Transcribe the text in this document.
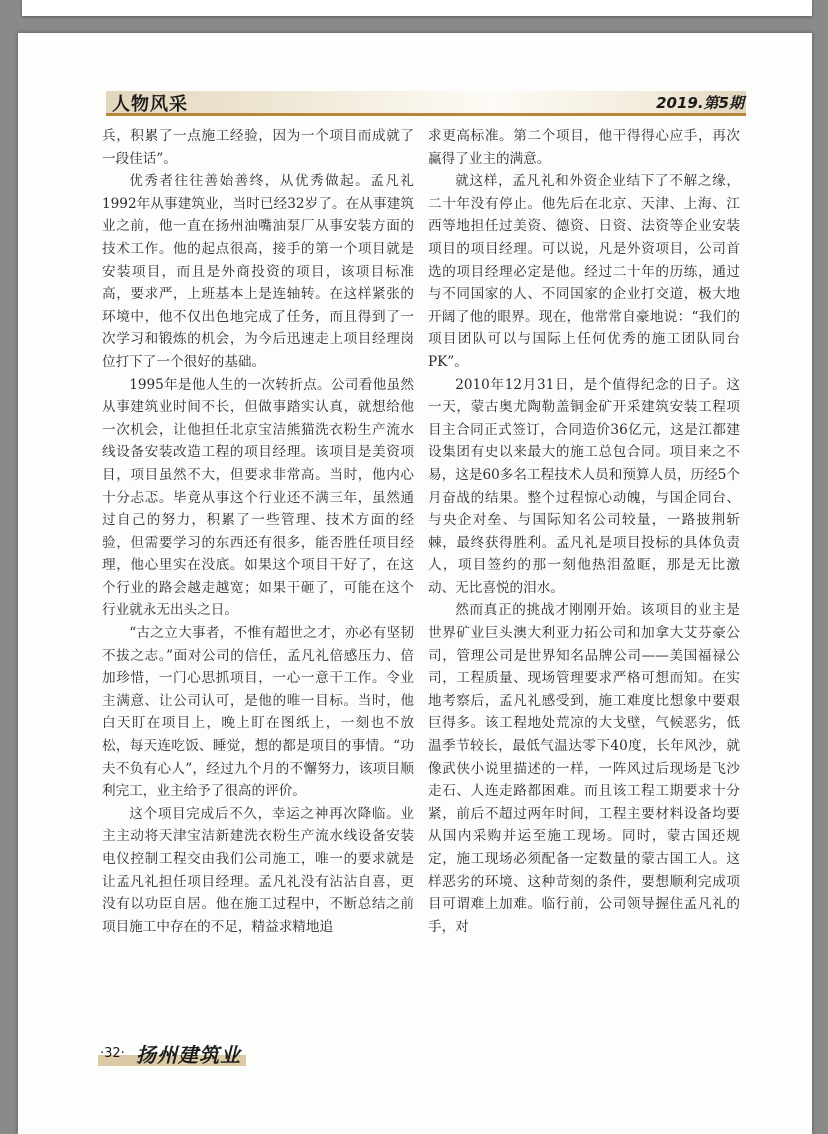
人物风采	2019.第5期

兵，积累了一点施工经验，因为一个项目而成就了一段佳话”。

优秀者往往善始善终，从优秀做起。孟凡礼1992年从事建筑业，当时已经32岁了。在从事建筑业之前，他一直在扬州油嘴油泵厂从事安装方面的技术工作。他的起点很高，接手的第一个项目就是安装项目，而且是外商投资的项目，该项目标准高，要求严，上班基本上是连轴转。在这样紧张的环境中，他不仅出色地完成了任务，而且得到了一次学习和锻炼的机会，为今后迅速走上项目经理岗位打下了一个很好的基础。

1995年是他人生的一次转折点。公司看他虽然从事建筑业时间不长，但做事踏实认真，就想给他一次机会，让他担任北京宝洁熊猫洗衣粉生产流水线设备安装改造工程的项目经理。该项目是美资项目，项目虽然不大，但要求非常高。当时，他内心十分忐忑。毕竟从事这个行业还不满三年，虽然通过自己的努力，积累了一些管理、技术方面的经验，但需要学习的东西还有很多，能否胜任项目经理，他心里实在没底。如果这个项目干好了，在这个行业的路会越走越宽；如果干砸了，可能在这个行业就永无出头之日。

“古之立大事者，不惟有超世之才，亦必有坚韧不拔之志。”面对公司的信任，孟凡礼倍感压力、倍加珍惜，一门心思抓项目，一心一意干工作。令业主满意、让公司认可，是他的唯一目标。当时，他白天盯在项目上，晚上盯在图纸上，一刻也不放松，每天连吃饭、睡觉，想的都是项目的事情。“功夫不负有心人”，经过九个月的不懈努力，该项目顺利完工，业主给予了很高的评价。

这个项目完成后不久，幸运之神再次降临。业主主动将天津宝洁新建洗衣粉生产流水线设备安装电仪控制工程交由我们公司施工，唯一的要求就是让孟凡礼担任项目经理。孟凡礼没有沾沾自喜，更没有以功臣自居。他在施工过程中，不断总结之前项目施工中存在的不足，精益求精地追

求更高标准。第二个项目，他干得得心应手，再次赢得了业主的满意。

就这样，孟凡礼和外资企业结下了不解之缘，二十年没有停止。他先后在北京、天津、上海、江西等地担任过美资、德资、日资、法资等企业安装项目的项目经理。可以说，凡是外资项目，公司首选的项目经理必定是他。经过二十年的历练，通过与不同国家的人、不同国家的企业打交道，极大地开阔了他的眼界。现在，他常常自豪地说：“我们的项目团队可以与国际上任何优秀的施工团队同台PK”。

2010年12月31日，是个值得纪念的日子。这一天，蒙古奥尤陶勒盖铜金矿开采建筑安装工程项目主合同正式签订，合同造价36亿元，这是江都建设集团有史以来最大的施工总包合同。项目来之不易，这是60多名工程技术人员和预算人员，历经5个月奋战的结果。整个过程惊心动魄，与国企同台、与央企对垒、与国际知名公司较量，一路披荆斩棘，最终获得胜利。孟凡礼是项目投标的具体负责人，项目签约的那一刻他热泪盈眶，那是无比激动、无比喜悦的泪水。

然而真正的挑战才刚刚开始。该项目的业主是世界矿业巨头澳大利亚力拓公司和加拿大艾芬豪公司，管理公司是世界知名品牌公司——美国福禄公司，工程质量、现场管理要求严格可想而知。在实地考察后，孟凡礼感受到，施工难度比想象中要艰巨得多。该工程地处荒凉的大戈壁，气候恶劣，低温季节较长，最低气温达零下40度，长年风沙，就像武侠小说里描述的一样，一阵风过后现场是飞沙走石、人连走路都困难。而且该工程工期要求十分紧，前后不超过两年时间，工程主要材料设备均要从国内采购并运至施工现场。同时，蒙古国还规定，施工现场必须配备一定数量的蒙古国工人。这样恶劣的环境、这种苛刻的条件，要想顺利完成项目可谓难上加难。临行前，公司领导握住孟凡礼的手，对

·32· 扬州建筑业
